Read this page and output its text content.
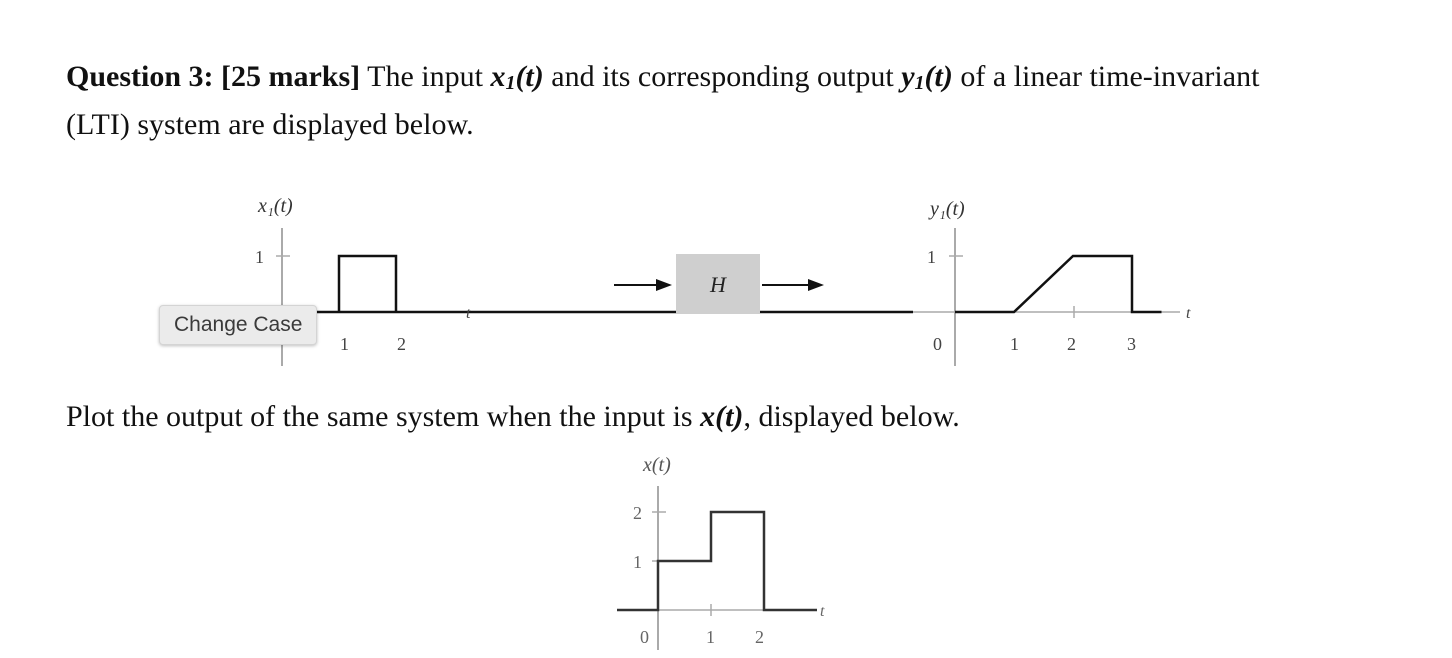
Question 3: [25 marks] The input $x_1(t)$ and its corresponding output $y_1(t)$ of a linear time-invariant
(LTI) system are displayed below.

Plot the output of the same system when the input is x(t), displayed below.

x₁(t)
1
1	2
t
H
y₁(t)
1
0	1	2	3
t
x(t)
2
1
0	1 2
t
Change Case
